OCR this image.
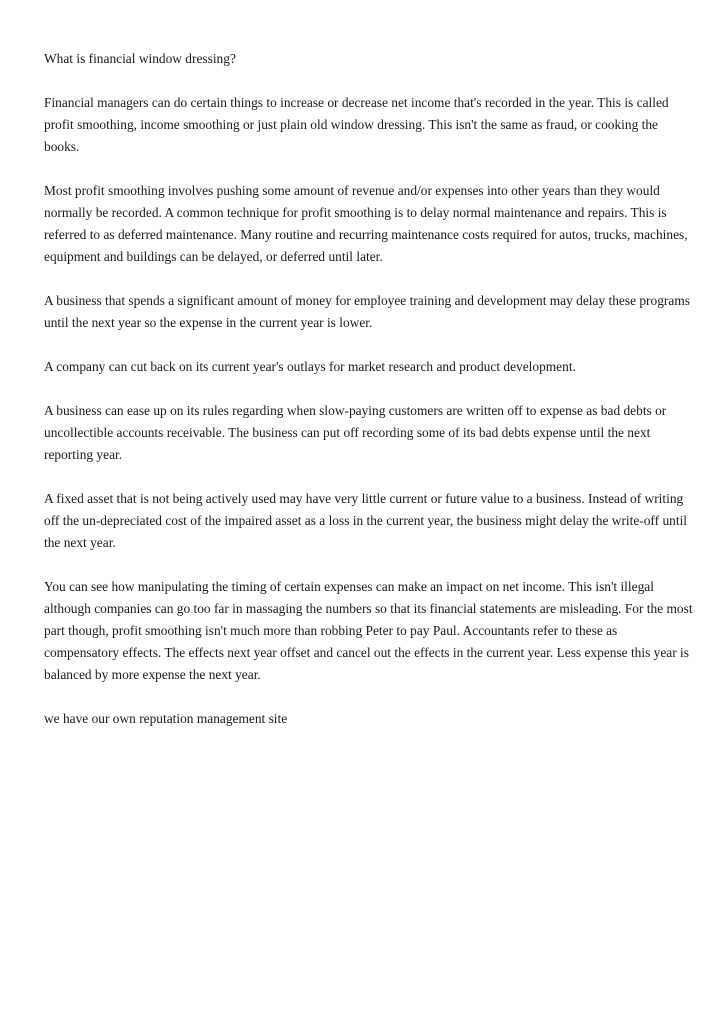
What is financial window dressing?

Financial managers can do certain things to increase or decrease net income that's recorded in the year. This is called profit smoothing, income smoothing or just plain old window dressing. This isn't the same as fraud, or cooking the books.

Most profit smoothing involves pushing some amount of revenue and/or expenses into other years than they would normally be recorded. A common technique for profit smoothing is to delay normal maintenance and repairs. This is referred to as deferred maintenance. Many routine and recurring maintenance costs required for autos, trucks, machines, equipment and buildings can be delayed, or deferred until later.

A business that spends a significant amount of money for employee training and development may delay these programs until the next year so the expense in the current year is lower.

A company can cut back on its current year's outlays for market research and product development.

A business can ease up on its rules regarding when slow-paying customers are written off to expense as bad debts or uncollectible accounts receivable. The business can put off recording some of its bad debts expense until the next reporting year.

A fixed asset that is not being actively used may have very little current or future value to a business. Instead of writing off the un-depreciated cost of the impaired asset as a loss in the current year, the business might delay the write-off until the next year.

You can see how manipulating the timing of certain expenses can make an impact on net income. This isn't illegal although companies can go too far in massaging the numbers so that its financial statements are misleading. For the most part though, profit smoothing isn't much more than robbing Peter to pay Paul. Accountants refer to these as compensatory effects. The effects next year offset and cancel out the effects in the current year. Less expense this year is balanced by more expense the next year.

we have our own reputation management site
